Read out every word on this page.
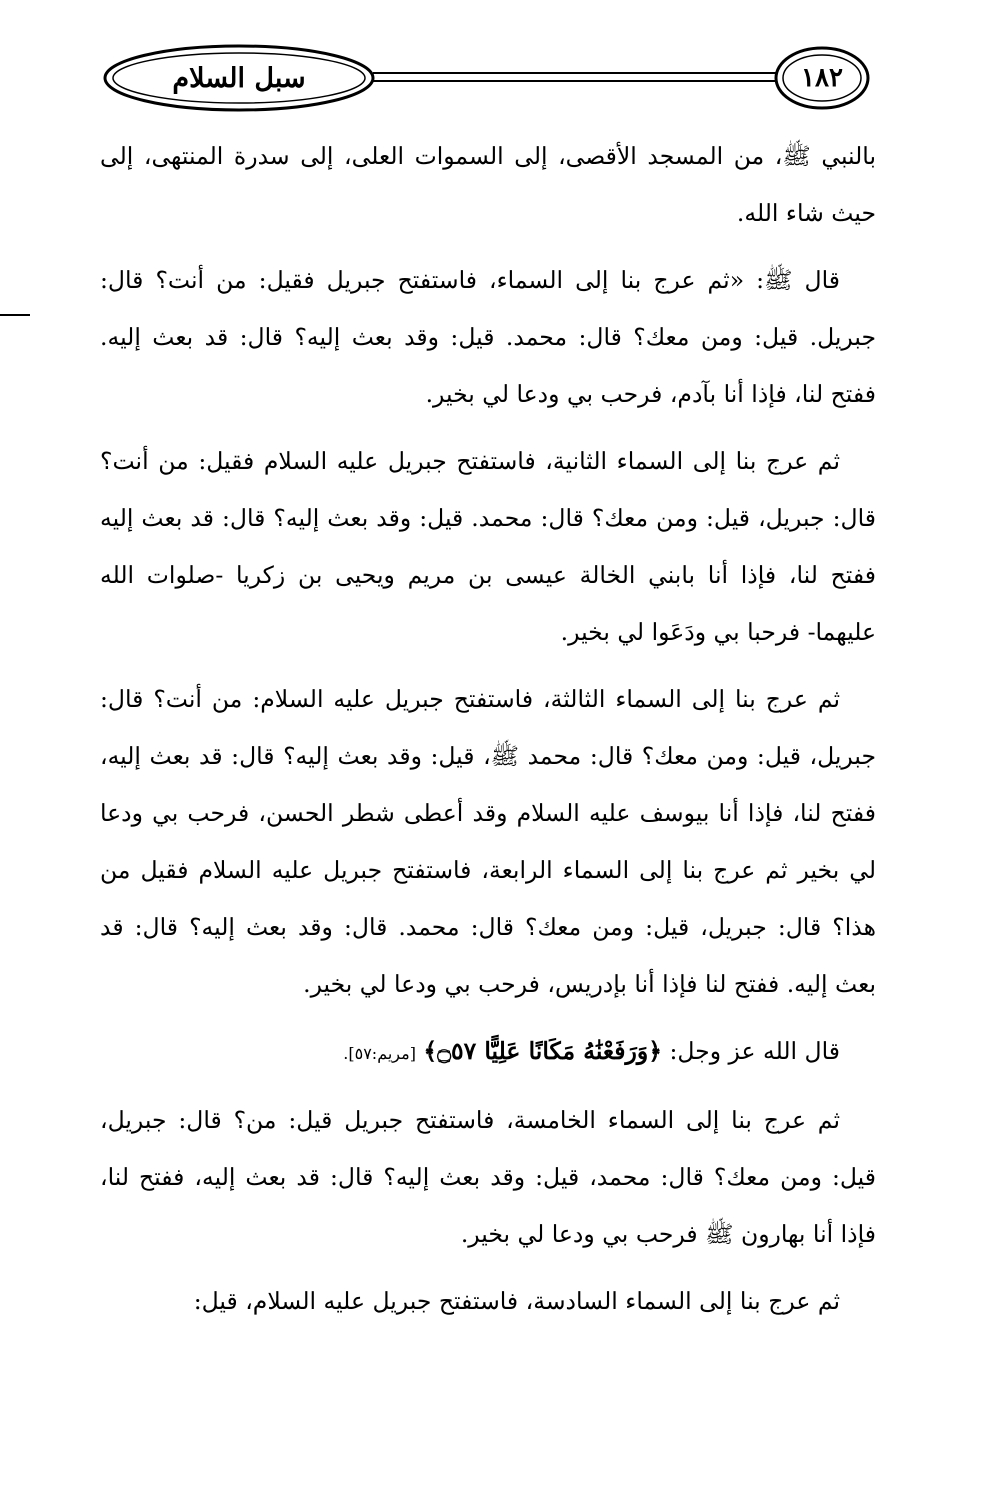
سبل السلام	١٨٢

بالنبي ﷺ، من المسجد الأقصى، إلى السموات العلى، إلى سدرة المنتهى، إلى حيث شاء الله.

قال ﷺ: «ثم عرج بنا إلى السماء، فاستفتح جبريل فقيل: من أنت؟ قال: جبريل. قيل: ومن معك؟ قال: محمد. قيل: وقد بعث إليه؟ قال: قد بعث إليه. ففتح لنا، فإذا أنا بآدم، فرحب بي ودعا لي بخير.

ثم عرج بنا إلى السماء الثانية، فاستفتح جبريل عليه السلام فقيل: من أنت؟ قال: جبريل، قيل: ومن معك؟ قال: محمد. قيل: وقد بعث إليه؟ قال: قد بعث إليه ففتح لنا، فإذا أنا بابني الخالة عيسى بن مريم ويحيى بن زكريا -صلوات الله عليهما- فرحبا بي ودَعَوا لي بخير.

ثم عرج بنا إلى السماء الثالثة، فاستفتح جبريل عليه السلام: من أنت؟ قال: جبريل، قيل: ومن معك؟ قال: محمد ﷺ، قيل: وقد بعث إليه؟ قال: قد بعث إليه، ففتح لنا، فإذا أنا بيوسف عليه السلام وقد أعطى شطر الحسن، فرحب بي ودعا لي بخير ثم عرج بنا إلى السماء الرابعة، فاستفتح جبريل عليه السلام فقيل من هذا؟ قال: جبريل، قيل: ومن معك؟ قال: محمد. قال: وقد بعث إليه؟ قال: قد بعث إليه. ففتح لنا فإذا أنا بإدريس، فرحب بي ودعا لي بخير.

قال الله عز وجل: ﴿وَرَفَعْنَٰهُ مَكَانًا عَلِيًّا ۝٥٧﴾ [مريم:٥٧].

ثم عرج بنا إلى السماء الخامسة، فاستفتح جبريل قيل: من؟ قال: جبريل، قيل: ومن معك؟ قال: محمد، قيل: وقد بعث إليه؟ قال: قد بعث إليه، ففتح لنا، فإذا أنا بهارون ﷺ فرحب بي ودعا لي بخير.

ثم عرج بنا إلى السماء السادسة، فاستفتح جبريل عليه السلام، قيل:
